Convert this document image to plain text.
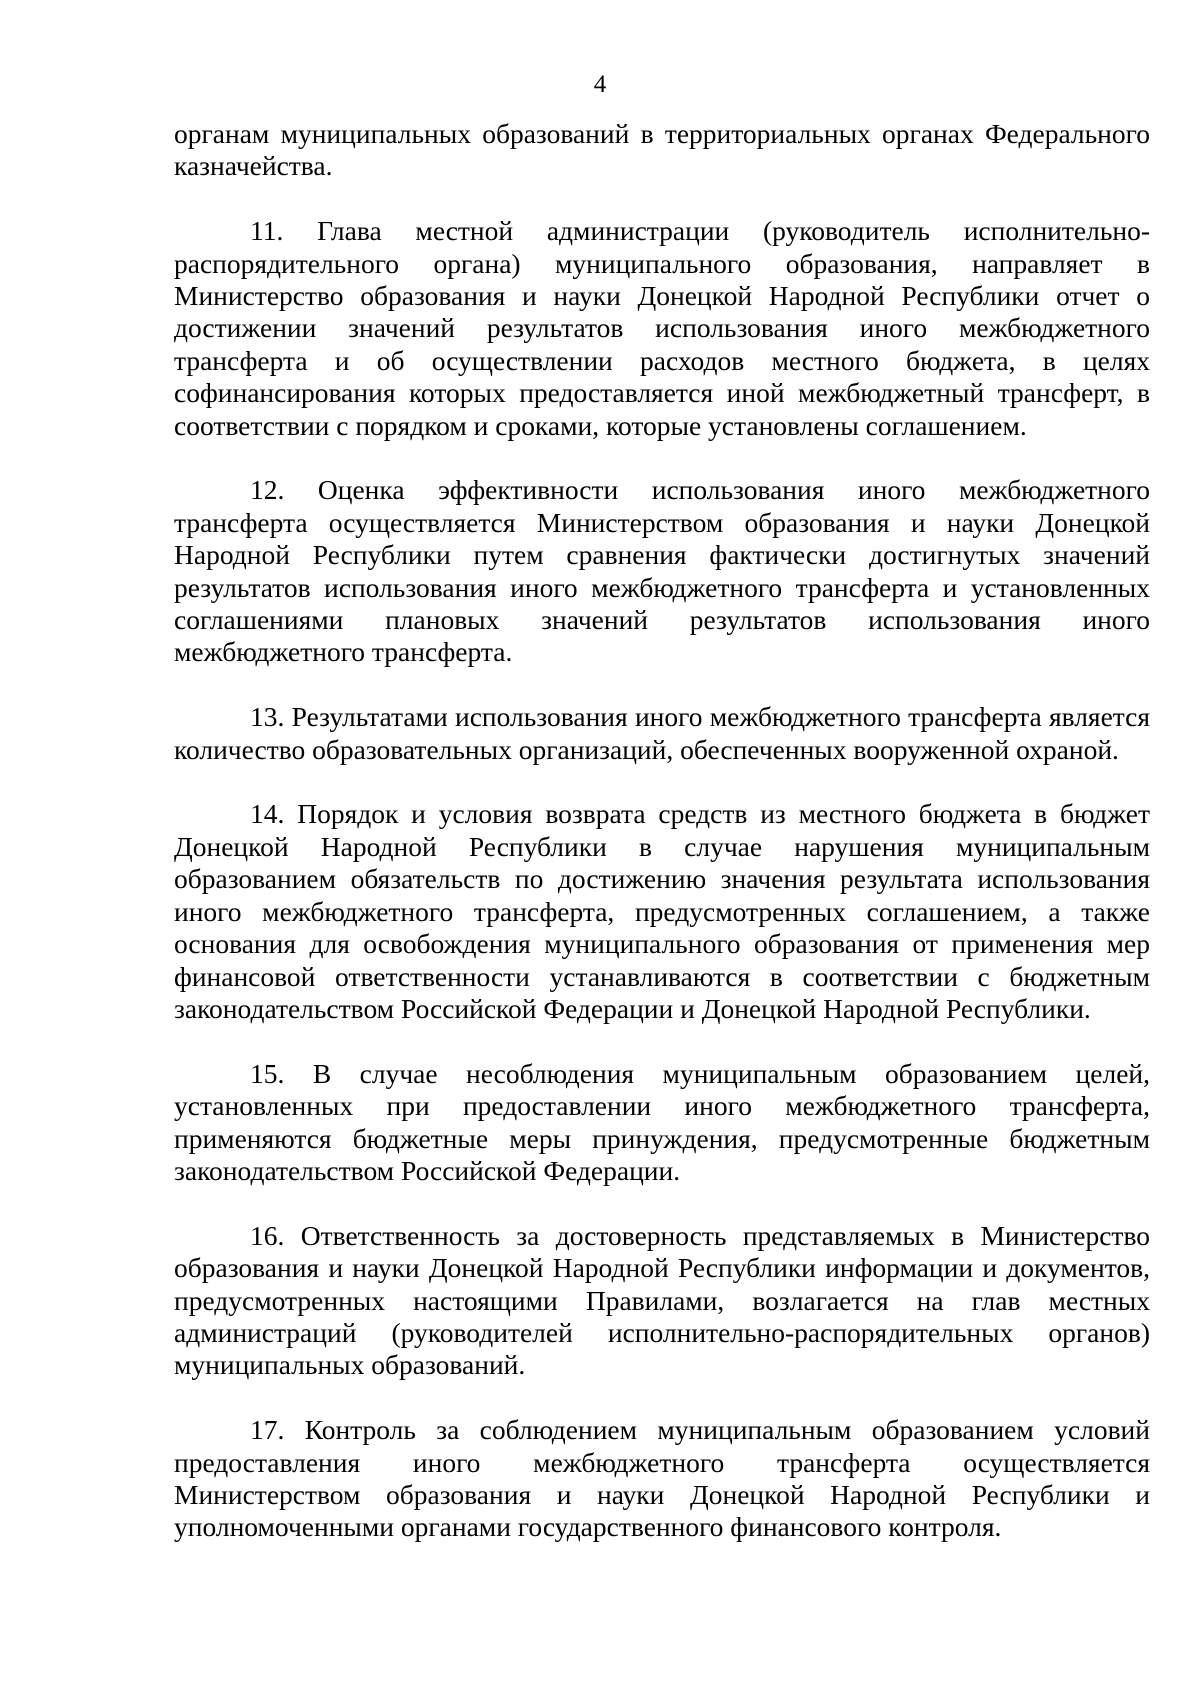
4

органам муниципальных образований в территориальных органах Федерального казначейства.

11. Глава местной администрации (руководитель исполнительно-распорядительного органа) муниципального образования, направляет в Министерство образования и науки Донецкой Народной Республики отчет о достижении значений результатов использования иного межбюджетного трансферта и об осуществлении расходов местного бюджета, в целях софинансирования которых предоставляется иной межбюджетный трансферт, в соответствии с порядком и сроками, которые установлены соглашением.

12. Оценка эффективности использования иного межбюджетного трансферта осуществляется Министерством образования и науки Донецкой Народной Республики путем сравнения фактически достигнутых значений результатов использования иного межбюджетного трансферта и установленных соглашениями плановых значений результатов использования иного межбюджетного трансферта.

13. Результатами использования иного межбюджетного трансферта является количество образовательных организаций, обеспеченных вооруженной охраной.

14. Порядок и условия возврата средств из местного бюджета в бюджет Донецкой Народной Республики в случае нарушения муниципальным образованием обязательств по достижению значения результата использования иного межбюджетного трансферта, предусмотренных соглашением, а также основания для освобождения муниципального образования от применения мер финансовой ответственности устанавливаются в соответствии с бюджетным законодательством Российской Федерации и Донецкой Народной Республики.

15. В случае несоблюдения муниципальным образованием целей, установленных при предоставлении иного межбюджетного трансферта, применяются бюджетные меры принуждения, предусмотренные бюджетным законодательством Российской Федерации.

16. Ответственность за достоверность представляемых в Министерство образования и науки Донецкой Народной Республики информации и документов, предусмотренных настоящими Правилами, возлагается на глав местных администраций (руководителей исполнительно-распорядительных органов) муниципальных образований.

17. Контроль за соблюдением муниципальным образованием условий предоставления иного межбюджетного трансферта осуществляется Министерством образования и науки Донецкой Народной Республики и уполномоченными органами государственного финансового контроля.
